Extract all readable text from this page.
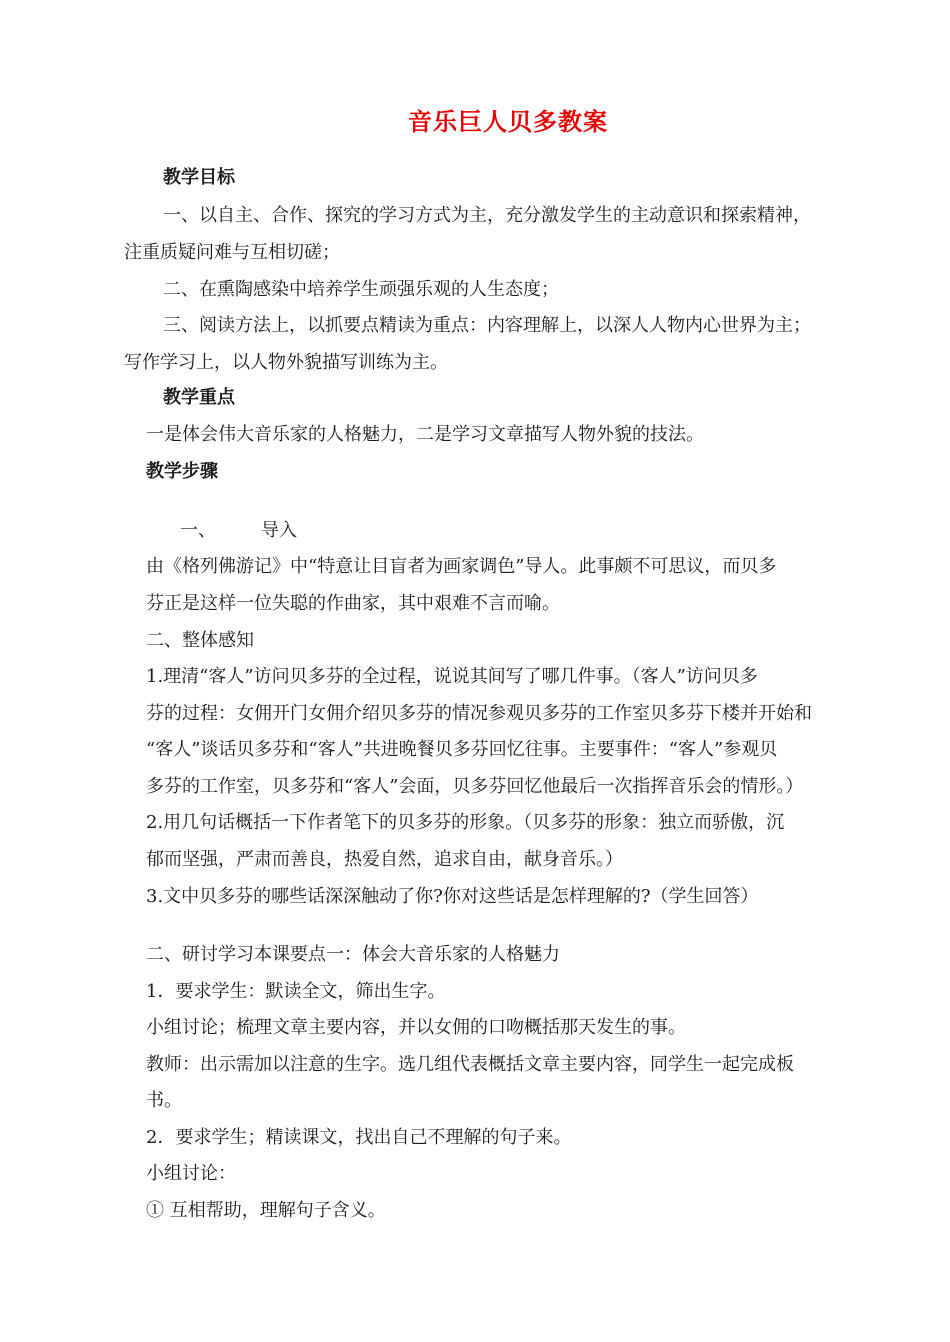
音乐巨人贝多教案
教学目标
一、以自主、合作、探究的学习方式为主，充分激发学生的主动意识和探索精神，
注重质疑问难与互相切磋；
二、在熏陶感染中培养学生顽强乐观的人生态度；
三、阅读方法上，以抓要点精读为重点：内容理解上，以深人人物内心世界为主；
写作学习上，以人物外貌描写训练为主。
教学重点
一是体会伟大音乐家的人格魅力，二是学习文章描写人物外貌的技法。
教学步骤
一、	导入
由《格列佛游记》中“特意让目盲者为画家调色”导人。此事颇不可思议，而贝多
芬正是这样一位失聪的作曲家，其中艰难不言而喻。
二、整体感知
1.理清“客人”访问贝多芬的全过程，说说其间写了哪几件事。（客人”访问贝多
芬的过程：女佣开门女佣介绍贝多芬的情况参观贝多芬的工作室贝多芬下楼并开始和
“客人”谈话贝多芬和“客人”共进晚餐贝多芬回忆往事。主要事件：“客人”参观贝
多芬的工作室，贝多芬和“客人”会面，贝多芬回忆他最后一次指挥音乐会的情形。）
2.用几句话概括一下作者笔下的贝多芬的形象。（贝多芬的形象：独立而骄傲，沉
郁而坚强，严肃而善良，热爱自然，追求自由，献身音乐。）
3.文中贝多芬的哪些话深深触动了你?你对这些话是怎样理解的?（学生回答）
二、研讨学习本课要点一：体会大音乐家的人格魅力
1．要求学生：默读全文，筛出生字。
小组讨论；梳理文章主要内容，并以女佣的口吻概括那天发生的事。
教师：出示需加以注意的生字。选几组代表概括文章主要内容，同学生一起完成板
书。
2．要求学生；精读课文，找出自己不理解的句子来。
小组讨论：
① 互相帮助，理解句子含义。
